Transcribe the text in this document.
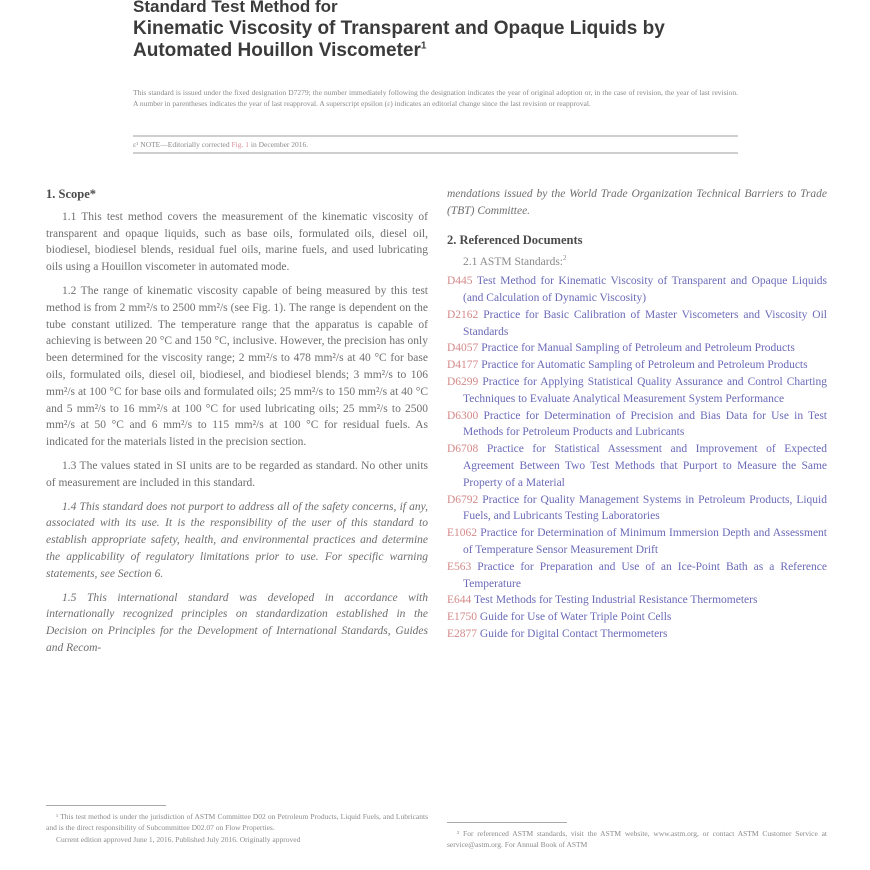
Standard Test Method for
Kinematic Viscosity of Transparent and Opaque Liquids by
Automated Houillon Viscometer$^1$
This standard is issued under the fixed designation D7279; the number immediately following the designation indicates the year of original adoption or, in the case of revision, the year of last revision. A number in parentheses indicates the year of last reapproval. A superscript epsilon (ε) indicates an editorial change since the last revision or reapproval.
ε¹ NOTE—Editorially corrected Fig. 1 in December 2016.
1. Scope*

1.1 This test method covers the measurement of the kinematic viscosity of transparent and opaque liquids, such as base oils, formulated oils, diesel oil, biodiesel, biodiesel blends, residual fuel oils, marine fuels, and used lubricating oils using a Houillon viscometer in automated mode.

1.2 The range of kinematic viscosity capable of being measured by this test method is from 2 mm²/s to 2500 mm²/s (see Fig. 1). The range is dependent on the tube constant utilized. The temperature range that the apparatus is capable of achieving is between 20 °C and 150 °C, inclusive. However, the precision has only been determined for the viscosity range; 2 mm²/s to 478 mm²/s at 40 °C for base oils, formulated oils, diesel oil, biodiesel, and biodiesel blends; 3 mm²/s to 106 mm²/s at 100 °C for base oils and formulated oils; 25 mm²/s to 150 mm²/s at 40 °C and 5 mm²/s to 16 mm²/s at 100 °C for used lubricating oils; 25 mm²/s to 2500 mm²/s at 50 °C and 6 mm²/s to 115 mm²/s at 100 °C for residual fuels. As indicated for the materials listed in the precision section.

1.3 The values stated in SI units are to be regarded as standard. No other units of measurement are included in this standard.

1.4 This standard does not purport to address all of the safety concerns, if any, associated with its use. It is the responsibility of the user of this standard to establish appropriate safety, health, and environmental practices and determine the applicability of regulatory limitations prior to use. For specific warning statements, see Section 6.

1.5 This international standard was developed in accordance with internationally recognized principles on standardization established in the Decision on Principles for the Development of International Standards, Guides and Recom-

¹ This test method is under the jurisdiction of ASTM Committee D02 on Petroleum Products, Liquid Fuels, and Lubricants and is the direct responsibility of Subcommittee D02.07 on Flow Properties.

Current edition approved June 1, 2016. Published July 2016. Originally approved

mendations issued by the World Trade Organization Technical Barriers to Trade (TBT) Committee.

2. Referenced Documents
2.1 ASTM Standards:$^2$
D445 Test Method for Kinematic Viscosity of Transparent and Opaque Liquids (and Calculation of Dynamic Viscosity)
D2162 Practice for Basic Calibration of Master Viscometers and Viscosity Oil Standards
D4057 Practice for Manual Sampling of Petroleum and Petroleum Products
D4177 Practice for Automatic Sampling of Petroleum and Petroleum Products
D6299 Practice for Applying Statistical Quality Assurance and Control Charting Techniques to Evaluate Analytical Measurement System Performance
D6300 Practice for Determination of Precision and Bias Data for Use in Test Methods for Petroleum Products and Lubricants
D6708 Practice for Statistical Assessment and Improvement of Expected Agreement Between Two Test Methods that Purport to Measure the Same Property of a Material
D6792 Practice for Quality Management Systems in Petroleum Products, Liquid Fuels, and Lubricants Testing Laboratories
E1062 Practice for Determination of Minimum Immersion Depth and Assessment of Temperature Sensor Measurement Drift
E563 Practice for Preparation and Use of an Ice-Point Bath as a Reference Temperature
E644 Test Methods for Testing Industrial Resistance Thermometers
E1750 Guide for Use of Water Triple Point Cells
E2877 Guide for Digital Contact Thermometers

² For referenced ASTM standards, visit the ASTM website, www.astm.org, or contact ASTM Customer Service at service@astm.org. For Annual Book of ASTM
